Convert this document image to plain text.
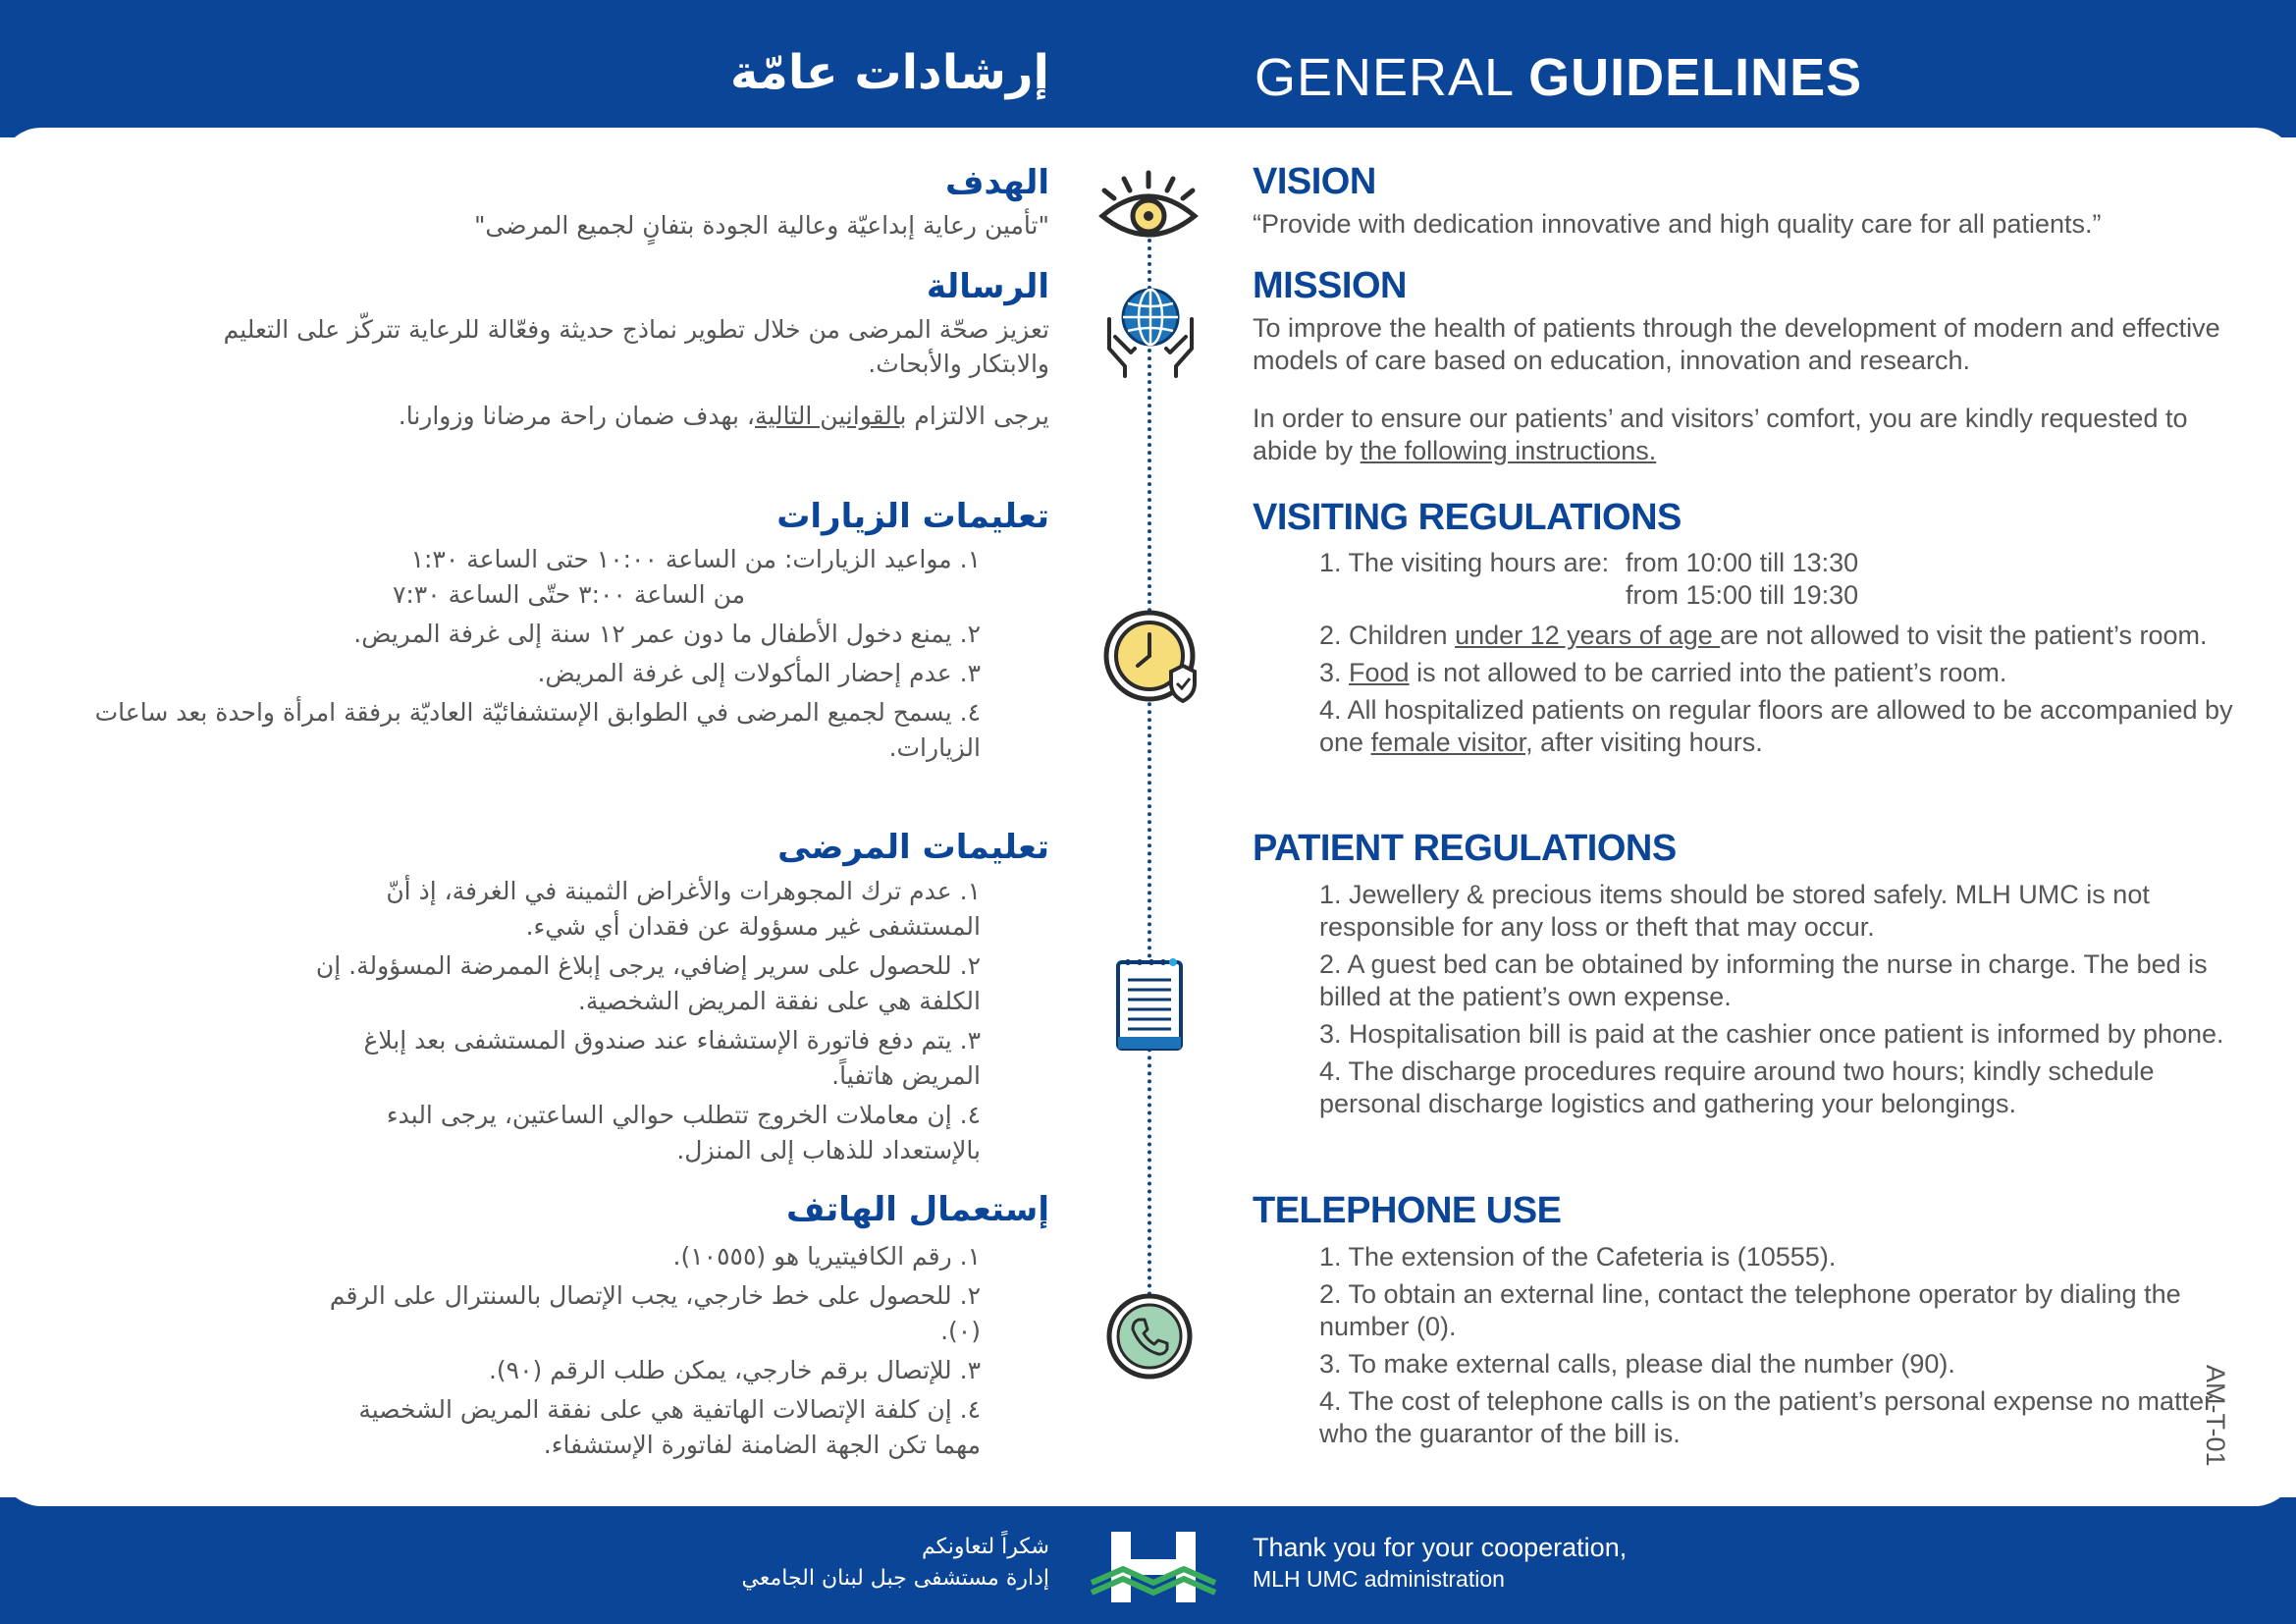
GENERAL GUIDELINES
إرشادات عامّة
VISION
“Provide with dedication innovative and high quality care for all patients.”
الهدف
"تأمين رعاية إبداعيّة وعالية الجودة بتفانٍ لجميع المرضى"
MISSION
To improve the health of patients through the development of modern and effective models of care based on education, innovation and research.
الرسالة
تعزيز صحّة المرضى من خلال تطوير نماذج حديثة وفعّالة للرعاية تتركّز على التعليم والابتكار والأبحاث.
In order to ensure our patients’ and visitors’ comfort, you are kindly requested to abide by the following instructions.
يرجى الالتزام بالقوانين التالية، بهدف ضمان راحة مرضانا وزوارنا.
VISITING REGULATIONS
1. The visiting hours are: from 10:00 till 13:30
from 15:00 till 19:30
2. Children under 12 years of age are not allowed to visit the patient’s room.
3. Food is not allowed to be carried into the patient’s room.
4. All hospitalized patients on regular floors are allowed to be accompanied by one female visitor, after visiting hours.
تعليمات الزيارات
١. مواعيد الزيارات: من الساعة ١٠:٠٠ حتى الساعة ١:٣٠
من الساعة ٣:٠٠ حتّى الساعة ٧:٣٠
٢. يمنع دخول الأطفال ما دون عمر ١٢ سنة إلى غرفة المريض.
٣. عدم إحضار المأكولات إلى غرفة المريض.
٤. يسمح لجميع المرضى في الطوابق الإستشفائيّة العاديّة برفقة امرأة واحدة بعد ساعات الزيارات.
PATIENT REGULATIONS
1. Jewellery & precious items should be stored safely. MLH UMC is not responsible for any loss or theft that may occur.
2. A guest bed can be obtained by informing the nurse in charge. The bed is billed at the patient’s own expense.
3. Hospitalisation bill is paid at the cashier once patient is informed by phone.
4. The discharge procedures require around two hours; kindly schedule personal discharge logistics and gathering your belongings.
تعليمات المرضى
١. عدم ترك المجوهرات والأغراض الثمينة في الغرفة، إذ أنّ المستشفى غير مسؤولة عن فقدان أي شيء.
٢. للحصول على سرير إضافي، يرجى إبلاغ الممرضة المسؤولة. إن الكلفة هي على نفقة المريض الشخصية.
٣. يتم دفع فاتورة الإستشفاء عند صندوق المستشفى بعد إبلاغ المريض هاتفياً.
٤. إن معاملات الخروج تتطلب حوالي الساعتين، يرجى البدء بالإستعداد للذهاب إلى المنزل.
TELEPHONE USE
1. The extension of the Cafeteria is (10555).
2. To obtain an external line, contact the telephone operator by dialing the number (0).
3. To make external calls, please dial the number (90).
4. The cost of telephone calls is on the patient’s personal expense no matter who the guarantor of the bill is.
إستعمال الهاتف
١. رقم الكافيتيريا هو (١٠٥٥٥).
٢. للحصول على خط خارجي، يجب الإتصال بالسنترال على الرقم (٠).
٣. للإتصال برقم خارجي، يمكن طلب الرقم (٩٠).
٤. إن كلفة الإتصالات الهاتفية هي على نفقة المريض الشخصية مهما تكن الجهة الضامنة لفاتورة الإستشفاء.	AM-T-01
Thank you for your cooperation,
MLH UMC administration
شكراً لتعاونكم
إدارة مستشفى جبل لبنان الجامعي
